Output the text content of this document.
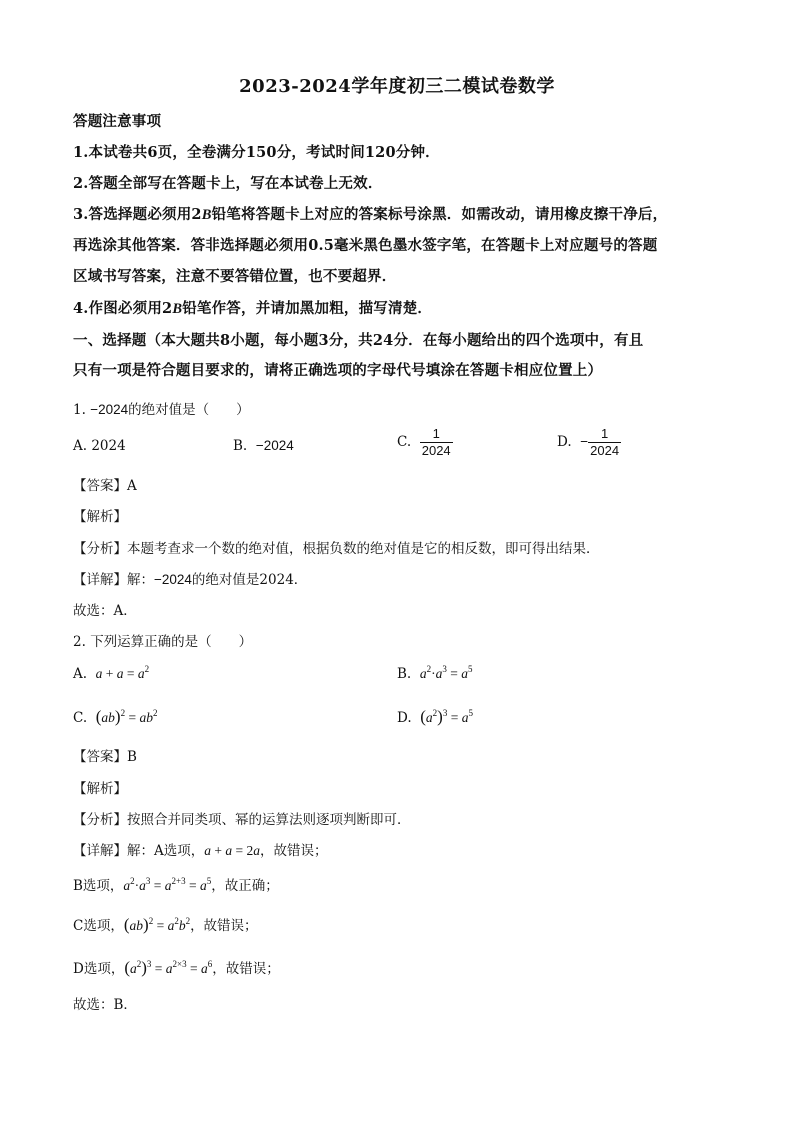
2023-2024学年度初三二模试卷数学
答题注意事项
1.本试卷共6页，全卷满分150分，考试时间120分钟．
2.答题全部写在答题卡上，写在本试卷上无效．
3.答选择题必须用2B铅笔将答题卡上对应的答案标号涂黑．如需改动，请用橡皮擦干净后，
再选涂其他答案．答非选择题必须用0.5毫米黑色墨水签字笔，在答题卡上对应题号的答题
区域书写答案，注意不要答错位置，也不要超界．
4.作图必须用2B铅笔作答，并请加黑加粗，描写清楚．
一、选择题（本大题共8小题，每小题3分，共24分．在每小题给出的四个选项中，有且
只有一项是符合题目要求的，请将正确选项的字母代号填涂在答题卡相应位置上）
1. −2024的绝对值是（　　）
A. 2024	B. −2024	C. $\frac{1}{2024}$	D. − $\frac{1}{2024}$
【答案】A
【解析】
【分析】本题考查求一个数的绝对值，根据负数的绝对值是它的相反数，即可得出结果．
【详解】解：−2024的绝对值是2024．
故选：A．
2. 下列运算正确的是（　　）
A. $a + a = a^2$	B. $a^2\cdot a^3 = a^5$
C. $(ab)^2 = ab^2$	D. $(a^2)^3 = a^5$
【答案】B
【解析】
【分析】按照合并同类项、幂的运算法则逐项判断即可．
【详解】解：A选项，a + a = 2a，故错误；
B选项，$a^2\cdot a^3 = a^{2+3} = a^5$，故正确；
C选项，$(ab)^2 = a^2b^2$，故错误；
D选项，$(a^2)^3 = a^{2\times 3} = a^6$，故错误；
故选：B．
